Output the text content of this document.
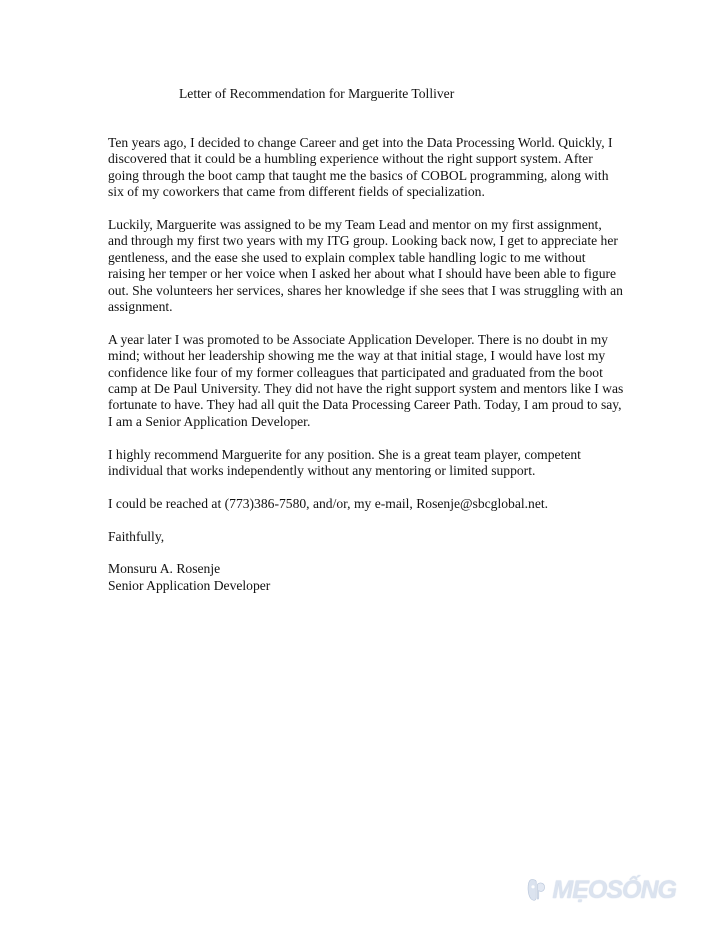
Letter of Recommendation for Marguerite Tolliver

Ten years ago, I decided to change Career and get into the Data Processing World. Quickly, I discovered that it could be a humbling experience without the right support system. After going through the boot camp that taught me the basics of COBOL programming, along with six of my coworkers that came from different fields of specialization.

Luckily, Marguerite was assigned to be my Team Lead and mentor on my first assignment, and through my first two years with my ITG group. Looking back now, I get to appreciate her gentleness, and the ease she used to explain complex table handling logic to me without raising her temper or her voice when I asked her about what I should have been able to figure out. She volunteers her services, shares her knowledge if she sees that I was struggling with an assignment.

A year later I was promoted to be Associate Application Developer. There is no doubt in my mind; without her leadership showing me the way at that initial stage, I would have lost my confidence like four of my former colleagues that participated and graduated from the boot camp at De Paul University. They did not have the right support system and mentors like I was fortunate to have. They had all quit the Data Processing Career Path. Today, I am proud to say, I am a Senior Application Developer.

I highly recommend Marguerite for any position. She is a great team player, competent individual that works independently without any mentoring or limited support.

I could be reached at (773)386-7580, and/or, my e-mail, Rosenje@sbcglobal.net.

Faithfully,

Monsuru A. Rosenje
Senior Application Developer
MẸOSỐNG
